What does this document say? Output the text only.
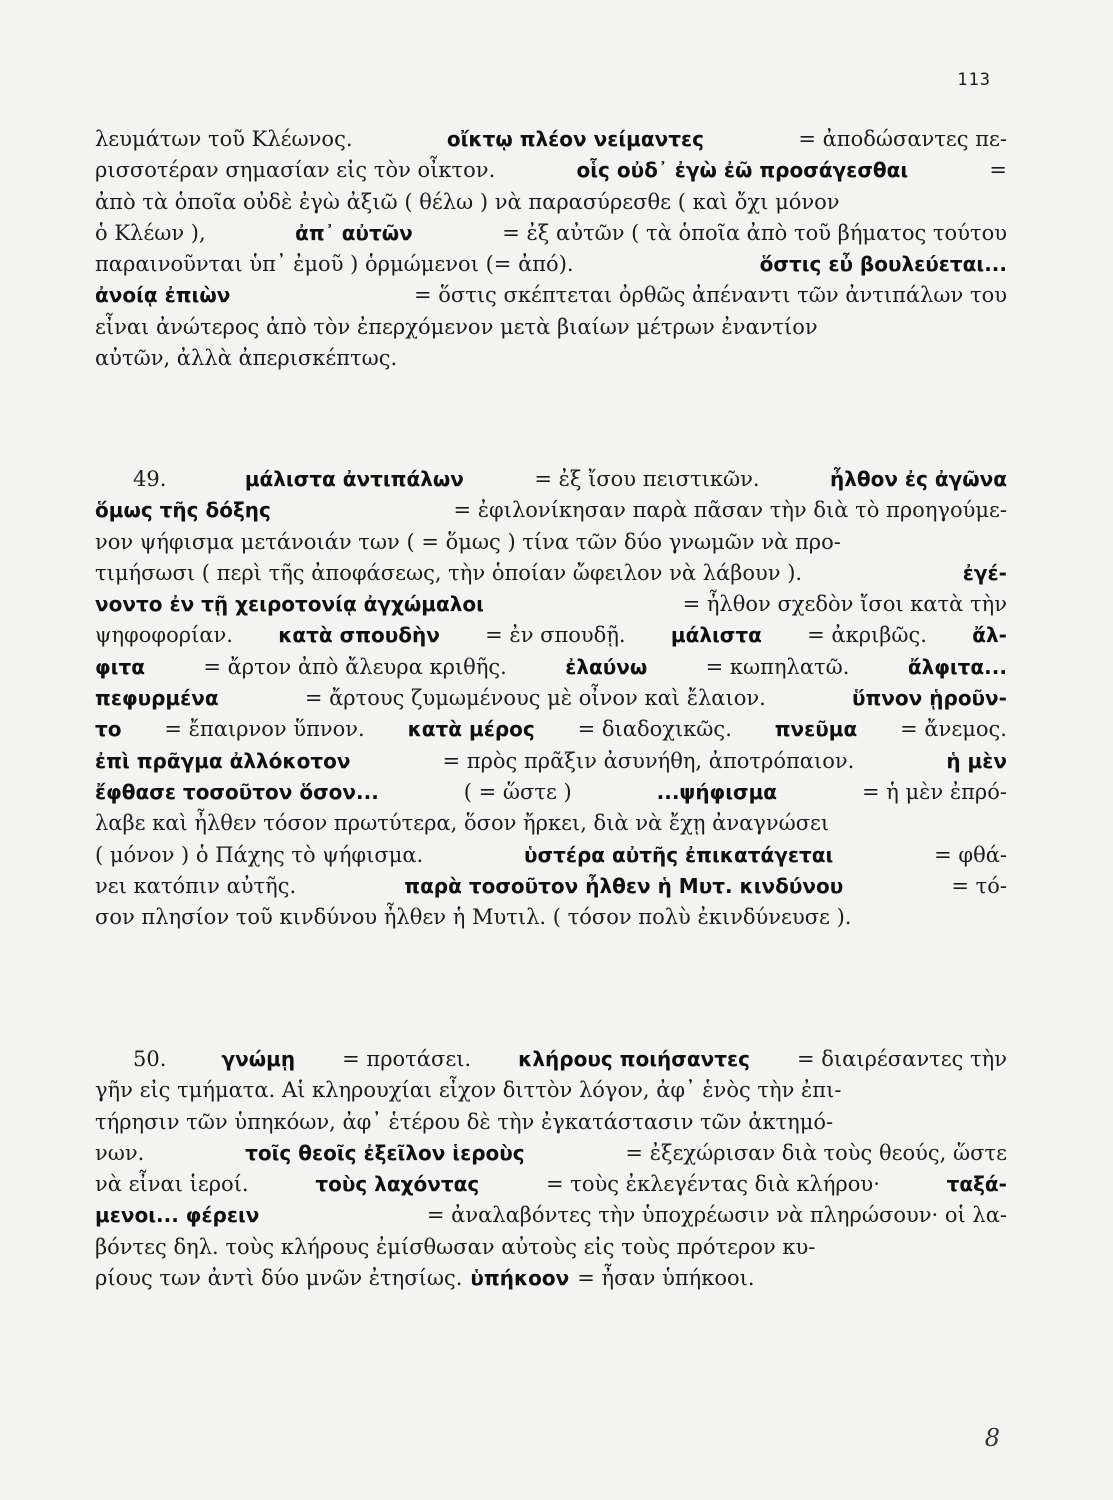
113
λευμάτων τοῦ Κλέωνος.	οἴκτῳ πλέον νείμαντες	= ἀποδώσαντες πε-
ρισσοτέραν σημασίαν εἰς τὸν οἶκτον.	οἷς οὐδ᾽ ἐγὼ ἐῶ προσάγεσθαι	=
ἀπὸ τὰ ὁποῖα οὐδὲ ἐγὼ ἀξιῶ ( θέλω ) νὰ παρασύρεσθε ( καὶ ὄχι μόνον
ὁ Κλέων ),	ἀπ᾽ αὐτῶν	= ἐξ αὐτῶν ( τὰ ὁποῖα ἀπὸ τοῦ βήματος τούτου
παραινοῦνται ὑπ᾽ ἐμοῦ ) ὁρμώμενοι (= ἀπό).	ὅστις εὖ βουλεύεται...
ἀνοίᾳ ἐπιὼν	= ὅστις σκέπτεται ὀρθῶς ἀπέναντι τῶν ἀντιπάλων του
εἶναι ἀνώτερος ἀπὸ τὸν ἐπερχόμενον μετὰ βιαίων μέτρων ἐναντίον
αὐτῶν, ἀλλὰ ἀπερισκέπτως.
49.	μάλιστα ἀντιπάλων	= ἐξ ἴσου πειστικῶν.	ἦλθον ἐς ἀγῶνα
ὅμως τῆς δόξης	= ἐφιλονίκησαν παρὰ πᾶσαν τὴν διὰ τὸ προηγούμε-
νον ψήφισμα μετάνοιάν των ( = ὅμως ) τίνα τῶν δύο γνωμῶν νὰ προ-
τιμήσωσι ( περὶ τῆς ἀποφάσεως, τὴν ὁποίαν ὤφειλον νὰ λάβουν ).	ἐγέ-
νοντο ἐν τῇ χειροτονίᾳ ἀγχώμαλοι	= ἦλθον σχεδὸν ἴσοι κατὰ τὴν
ψηφοφορίαν. κατὰ σπουδὴν = ἐν σπουδῇ. μάλιστα = ἀκριβῶς. ἄλ-
φιτα	= ἄρτον ἀπὸ ἄλευρα κριθῆς.	ἐλαύνω	= κωπηλατῶ.	ἄλφιτα...
πεφυρμένα	= ἄρτους ζυμωμένους μὲ οἶνον καὶ ἔλαιον.	ὕπνον ᾑροῦν-
το = ἔπαιρνον ὕπνον. κατὰ μέρος = διαδοχικῶς. πνεῦμα = ἄνεμος.
ἐπὶ πρᾶγμα ἀλλόκοτον	= πρὸς πρᾶξιν ἀσυνήθη, ἀποτρόπαιον.	ἡ μὲν
ἔφθασε τοσοῦτον ὅσον...	( = ὥστε )	...ψήφισμα	= ἡ μὲν ἐπρό-
λαβε καὶ ἦλθεν τόσον πρωτύτερα, ὅσον ἤρκει, διὰ νὰ ἔχῃ ἀναγνώσει
( μόνον ) ὁ Πάχης τὸ ψήφισμα.	ὑστέρα αὐτῆς ἐπικατάγεται	= φθά-
νει κατόπιν αὐτῆς.	παρὰ τοσοῦτον ἦλθεν ἡ Μυτ. κινδύνου	= τό-
σον πλησίον τοῦ κινδύνου ἦλθεν ἡ Μυτιλ. ( τόσον πολὺ ἐκινδύνευσε ).
50.	γνώμῃ = προτάσει. κλήρους ποιήσαντες = διαιρέσαντες τὴν
γῆν εἰς τμήματα. Αἱ κληρουχίαι εἶχον διττὸν λόγον, ἀφ᾽ ἑνὸς τὴν ἐπι-
τήρησιν τῶν ὑπηκόων, ἀφ᾽ ἑτέρου δὲ τὴν ἐγκατάστασιν τῶν ἀκτημό-
νων.	τοῖς θεοῖς ἐξεῖλον ἱεροὺς	= ἐξεχώρισαν διὰ τοὺς θεούς, ὥστε
νὰ εἶναι ἱεροί.	τοὺς λαχόντας	= τοὺς ἐκλεγέντας διὰ κλήρου·	ταξά-
μενοι... φέρειν	= ἀναλαβόντες τὴν ὑποχρέωσιν νὰ πληρώσουν· οἱ λα-
βόντες δηλ. τοὺς κλήρους ἐμίσθωσαν αὐτοὺς εἰς τοὺς πρότερον κυ-
ρίους των ἀντὶ δύο μνῶν ἐτησίως. ὑπήκοον = ἦσαν ὑπήκοοι.
8
